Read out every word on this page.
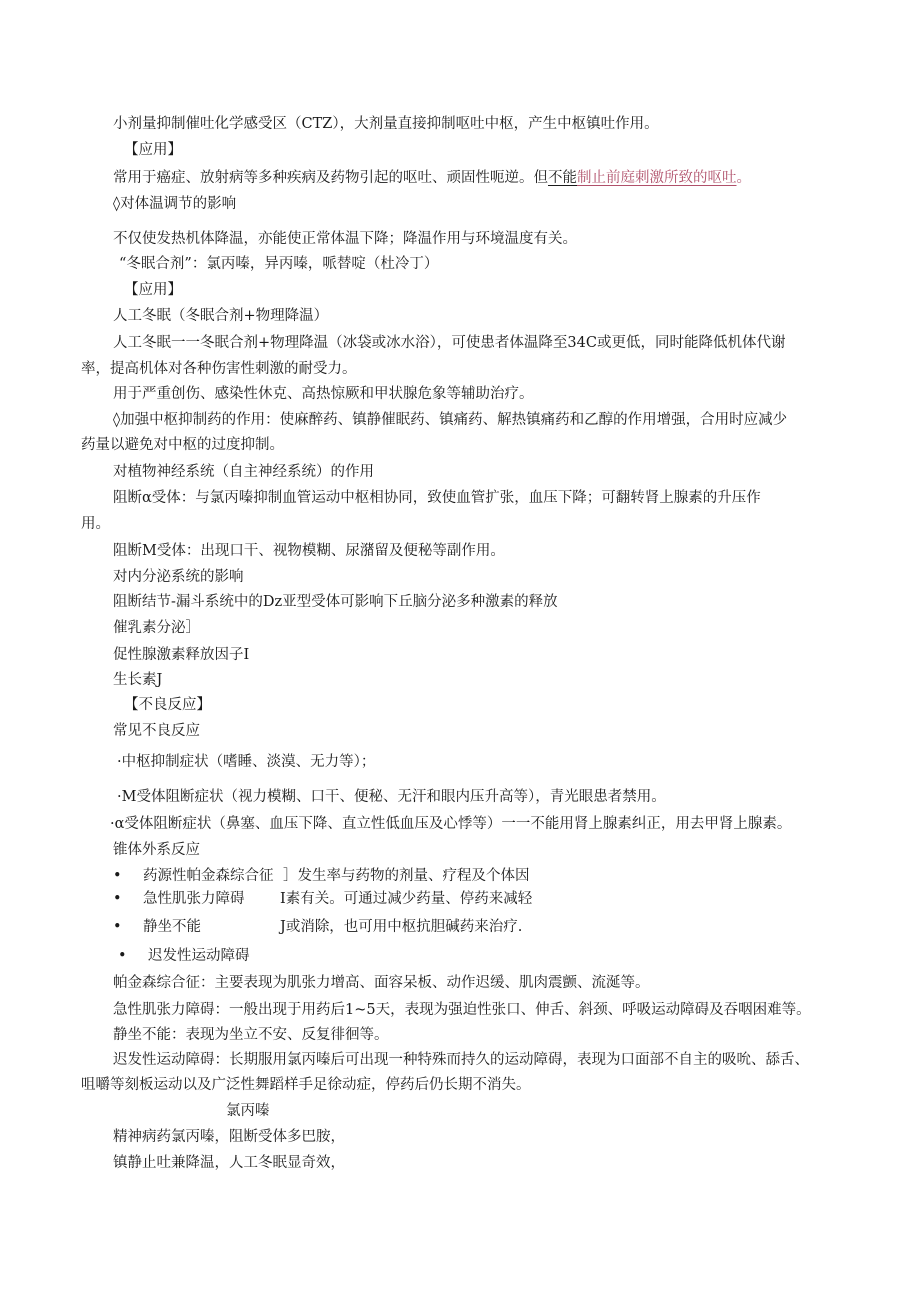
小剂量抑制催吐化学感受区（CTZ），大剂量直接抑制呕吐中枢，产生中枢镇吐作用。
【应用】
常用于癌症、放射病等多种疾病及药物引起的呕吐、顽固性呃逆。但不能制止前庭刺激所致的呕吐。
◊对体温调节的影响
不仅使发热机体降温，亦能使正常体温下降；降温作用与环境温度有关。
“冬眠合剂”：氯丙嗪，异丙嗪，哌替啶（杜冷丁）
【应用】
人工冬眠（冬眠合剂+物理降温）
人工冬眠一一冬眠合剂+物理降温（冰袋或冰水浴），可使患者体温降至34C或更低，同时能降低机体代谢
率，提高机体对各种伤害性刺激的耐受力。
用于严重创伤、感染性休克、高热惊厥和甲状腺危象等辅助治疗。
◊加强中枢抑制药的作用：使麻醉药、镇静催眠药、镇痛药、解热镇痛药和乙醇的作用增强，合用时应减少
药量以避免对中枢的过度抑制。
对植物神经系统（自主神经系统）的作用
阻断α受体：与氯丙嗪抑制血管运动中枢相协同，致使血管扩张，血压下降；可翻转肾上腺素的升压作
用。
阻断M受体：出现口干、视物模糊、尿潴留及便秘等副作用。
对内分泌系统的影响
阻断结节-漏斗系统中的Dz亚型受体可影响下丘脑分泌多种激素的释放
催乳素分泌］
促性腺激素释放因子I
生长素J
【不良反应】
常见不良反应
·中枢抑制症状（嗜睡、淡漠、无力等）；
·M受体阻断症状（视力模糊、口干、便秘、无汗和眼内压升高等），青光眼患者禁用。
·α受体阻断症状（鼻塞、血压下降、直立性低血压及心悸等）一一不能用肾上腺素纠正，用去甲肾上腺素。
锥体外系反应
• 药源性帕金森综合征 ］发生率与药物的剂量、疗程及个体因
• 急性肌张力障碍 I素有关。可通过减少药量、停药来减轻
• 静坐不能	J或消除，也可用中枢抗胆碱药来治疗.
• 迟发性运动障碍
帕金森综合征：主要表现为肌张力增高、面容呆板、动作迟缓、肌肉震颤、流涎等。
急性肌张力障碍：一般出现于用药后1~5天，表现为强迫性张口、伸舌、斜颈、呼吸运动障碍及吞咽困难等。
静坐不能：表现为坐立不安、反复徘徊等。
迟发性运动障碍：长期服用氯丙嗪后可出现一种特殊而持久的运动障碍，表现为口面部不自主的吸吮、舔舌、
咀嚼等刻板运动以及广泛性舞蹈样手足徐动症，停药后仍长期不消失。
氯丙嗪
精神病药氯丙嗪，阻断受体多巴胺，
镇静止吐兼降温，人工冬眠显奇效，
